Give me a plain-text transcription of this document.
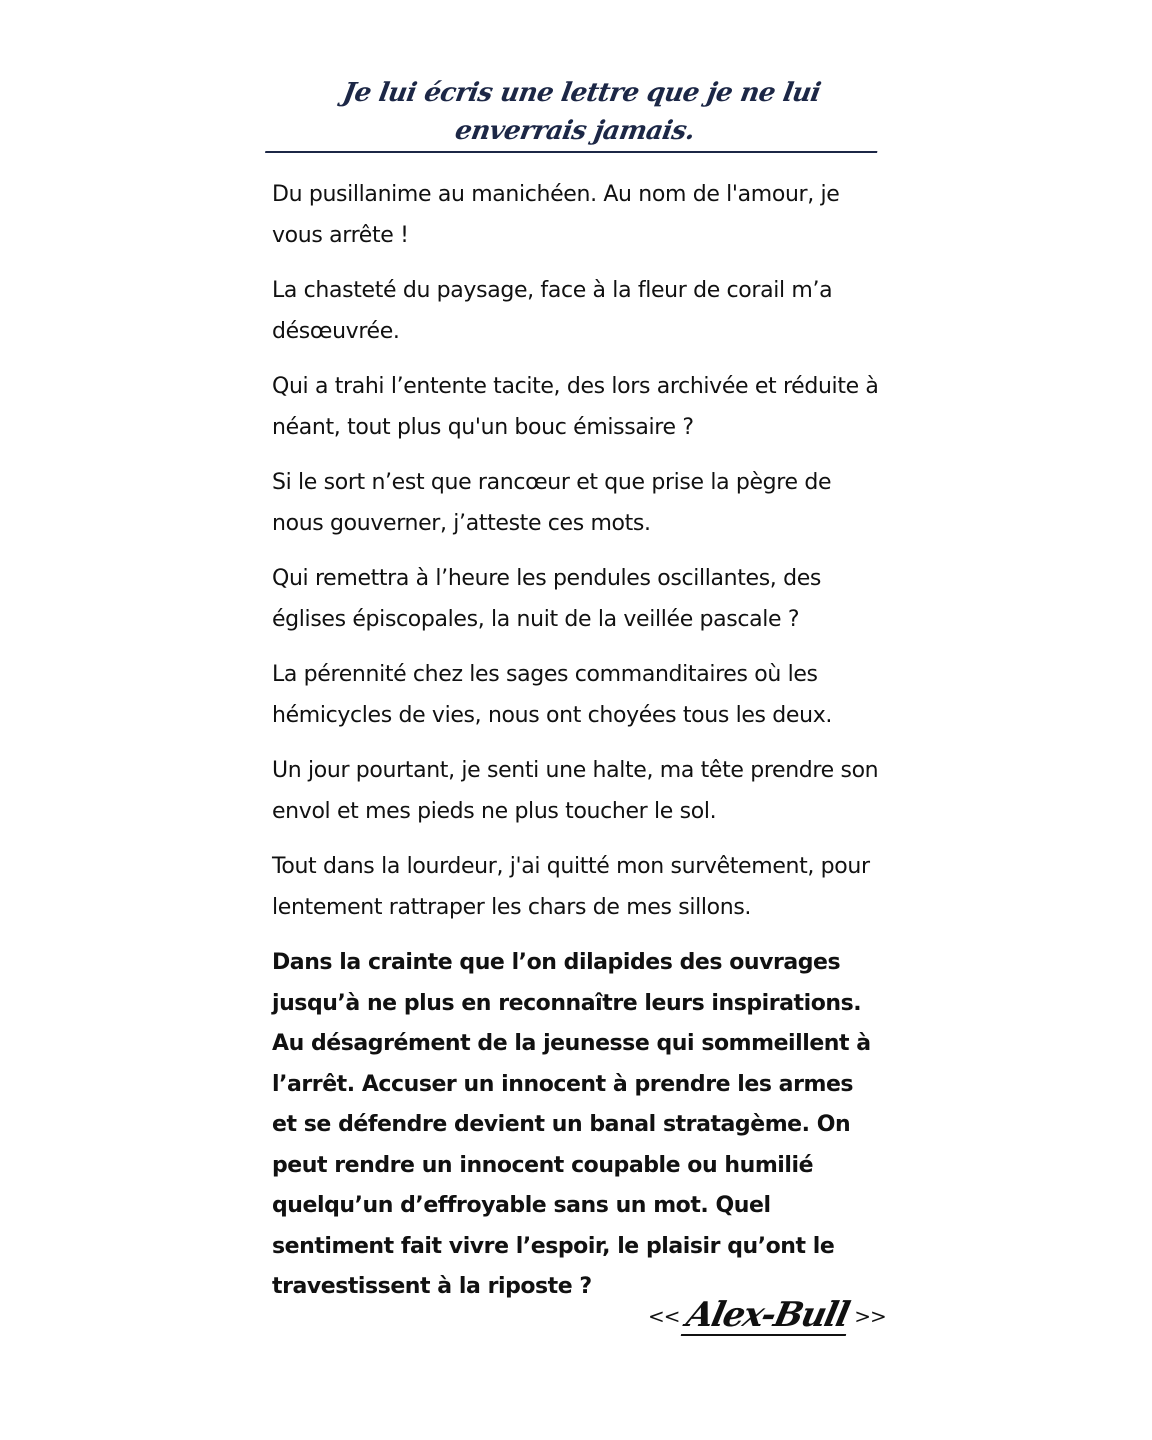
Je lui écris une lettre que je ne lui enverrais jamais.

Du pusillanime au manichéen. Au nom de l'amour, je vous arrête !

La chasteté du paysage, face à la fleur de corail m’a désœuvrée.

Qui a trahi l’entente tacite, des lors archivée et réduite à néant, tout plus qu'un bouc émissaire ?

Si le sort n’est que rancœur et que prise la pègre de nous gouverner, j’atteste ces mots.

Qui remettra à l’heure les pendules oscillantes, des églises épiscopales, la nuit de la veillée pascale ?

La pérennité chez les sages commanditaires où les hémicycles de vies, nous ont choyées tous les deux.

Un jour pourtant, je senti une halte, ma tête prendre son envol et mes pieds ne plus toucher le sol.

Tout dans la lourdeur, j'ai quitté mon survêtement, pour lentement rattraper les chars de mes sillons.

Dans la crainte que l’on dilapides des ouvrages jusqu’à ne plus en reconnaître leurs inspirations. Au désagrément de la jeunesse qui sommeillent à l’arrêt. Accuser un innocent à prendre les armes et se défendre devient un banal stratagème. On peut rendre un innocent coupable ou humilié quelqu’un d’effroyable sans un mot. Quel sentiment fait vivre l’espoir, le plaisir qu’ont le travestissent à la riposte ?

<< Alex-Bull >>
